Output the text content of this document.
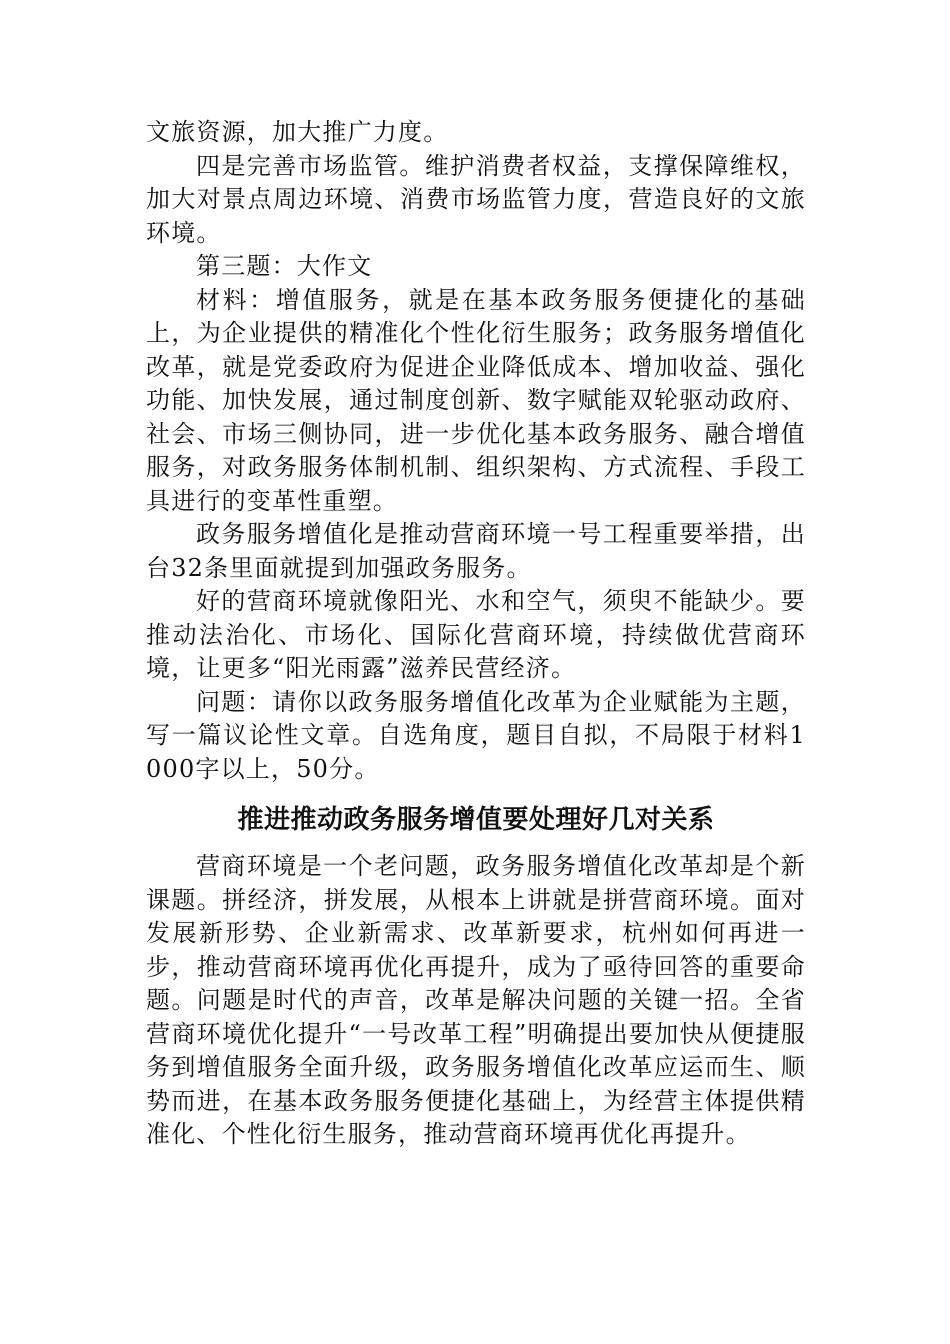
文旅资源，加大推广力度。

四是完善市场监管。维护消费者权益，支撑保障维权，加大对景点周边环境、消费市场监管力度，营造良好的文旅环境。

第三题：大作文

材料：增值服务，就是在基本政务服务便捷化的基础上，为企业提供的精准化个性化衍生服务；政务服务增值化改革，就是党委政府为促进企业降低成本、增加收益、强化功能、加快发展，通过制度创新、数字赋能双轮驱动政府、社会、市场三侧协同，进一步优化基本政务服务、融合增值服务，对政务服务体制机制、组织架构、方式流程、手段工具进行的变革性重塑。

政务服务增值化是推动营商环境一号工程重要举措，出台32条里面就提到加强政务服务。

好的营商环境就像阳光、水和空气，须臾不能缺少。要推动法治化、市场化、国际化营商环境，持续做优营商环境，让更多“阳光雨露”滋养民营经济。

问题：请你以政务服务增值化改革为企业赋能为主题，写一篇议论性文章。自选角度，题目自拟，不局限于材料1000字以上，50分。

推进推动政务服务增值要处理好几对关系

营商环境是一个老问题，政务服务增值化改革却是个新课题。拼经济，拼发展，从根本上讲就是拼营商环境。面对发展新形势、企业新需求、改革新要求，杭州如何再进一步，推动营商环境再优化再提升，成为了亟待回答的重要命题。问题是时代的声音，改革是解决问题的关键一招。全省营商环境优化提升“一号改革工程”明确提出要加快从便捷服务到增值服务全面升级，政务服务增值化改革应运而生、顺势而进，在基本政务服务便捷化基础上，为经营主体提供精准化、个性化衍生服务，推动营商环境再优化再提升。
